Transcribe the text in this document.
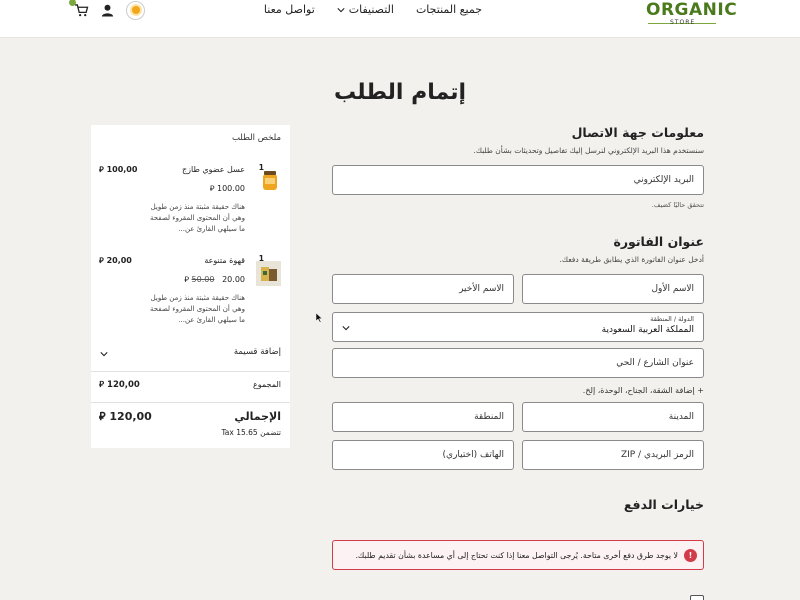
ORGANIC
STORE
جميع المنتجات
التصنيفات
تواصل معنا
إتمام الطلب
معلومات جهة الاتصال
سنستخدم هذا البريد الإلكتروني لنرسل إليك تفاصيل وتحديثات بشأن طلبك.
البريد الإلكتروني
تتحقق حاليًا كضيف.
عنوان الفاتورة
أدخل عنوان الفاتورة الذي يطابق طريقة دفعك.
الاسم الأول
الاسم الأخير
الدولة / المنطقة
المملكة العربية السعودية
عنوان الشارع / الحي
+ إضافة الشقة، الجناح، الوحدة، إلخ.
المدينة
المنطقة
الرمز البريدي / ZIP
الهاتف (اختياري)
خيارات الدفع
!
لا يوجد طرق دفع أخرى متاحة. يُرجى التواصل معنا إذا كنت تحتاج إلى أي مساعدة بشأن تقديم طلبك.
ملخص الطلب
1
عسل عضوي طازج
⃁ 100,00
⃁ 100.00
هناك حقيقة مثبتة منذ زمن طويل وهي أن المحتوى المقروء لصفحة ما سيلهي القارئ عن...
1
قهوة متنوعة
⃁ 20,00
⃁ 50.00 20.00
هناك حقيقة مثبتة منذ زمن طويل وهي أن المحتوى المقروء لصفحة ما سيلهي القارئ عن...
إضافة قسيمة
المجموع
⃁ 120,00
الإجمالي
⃁ 120,00
تتضمن 15.65 Tax
